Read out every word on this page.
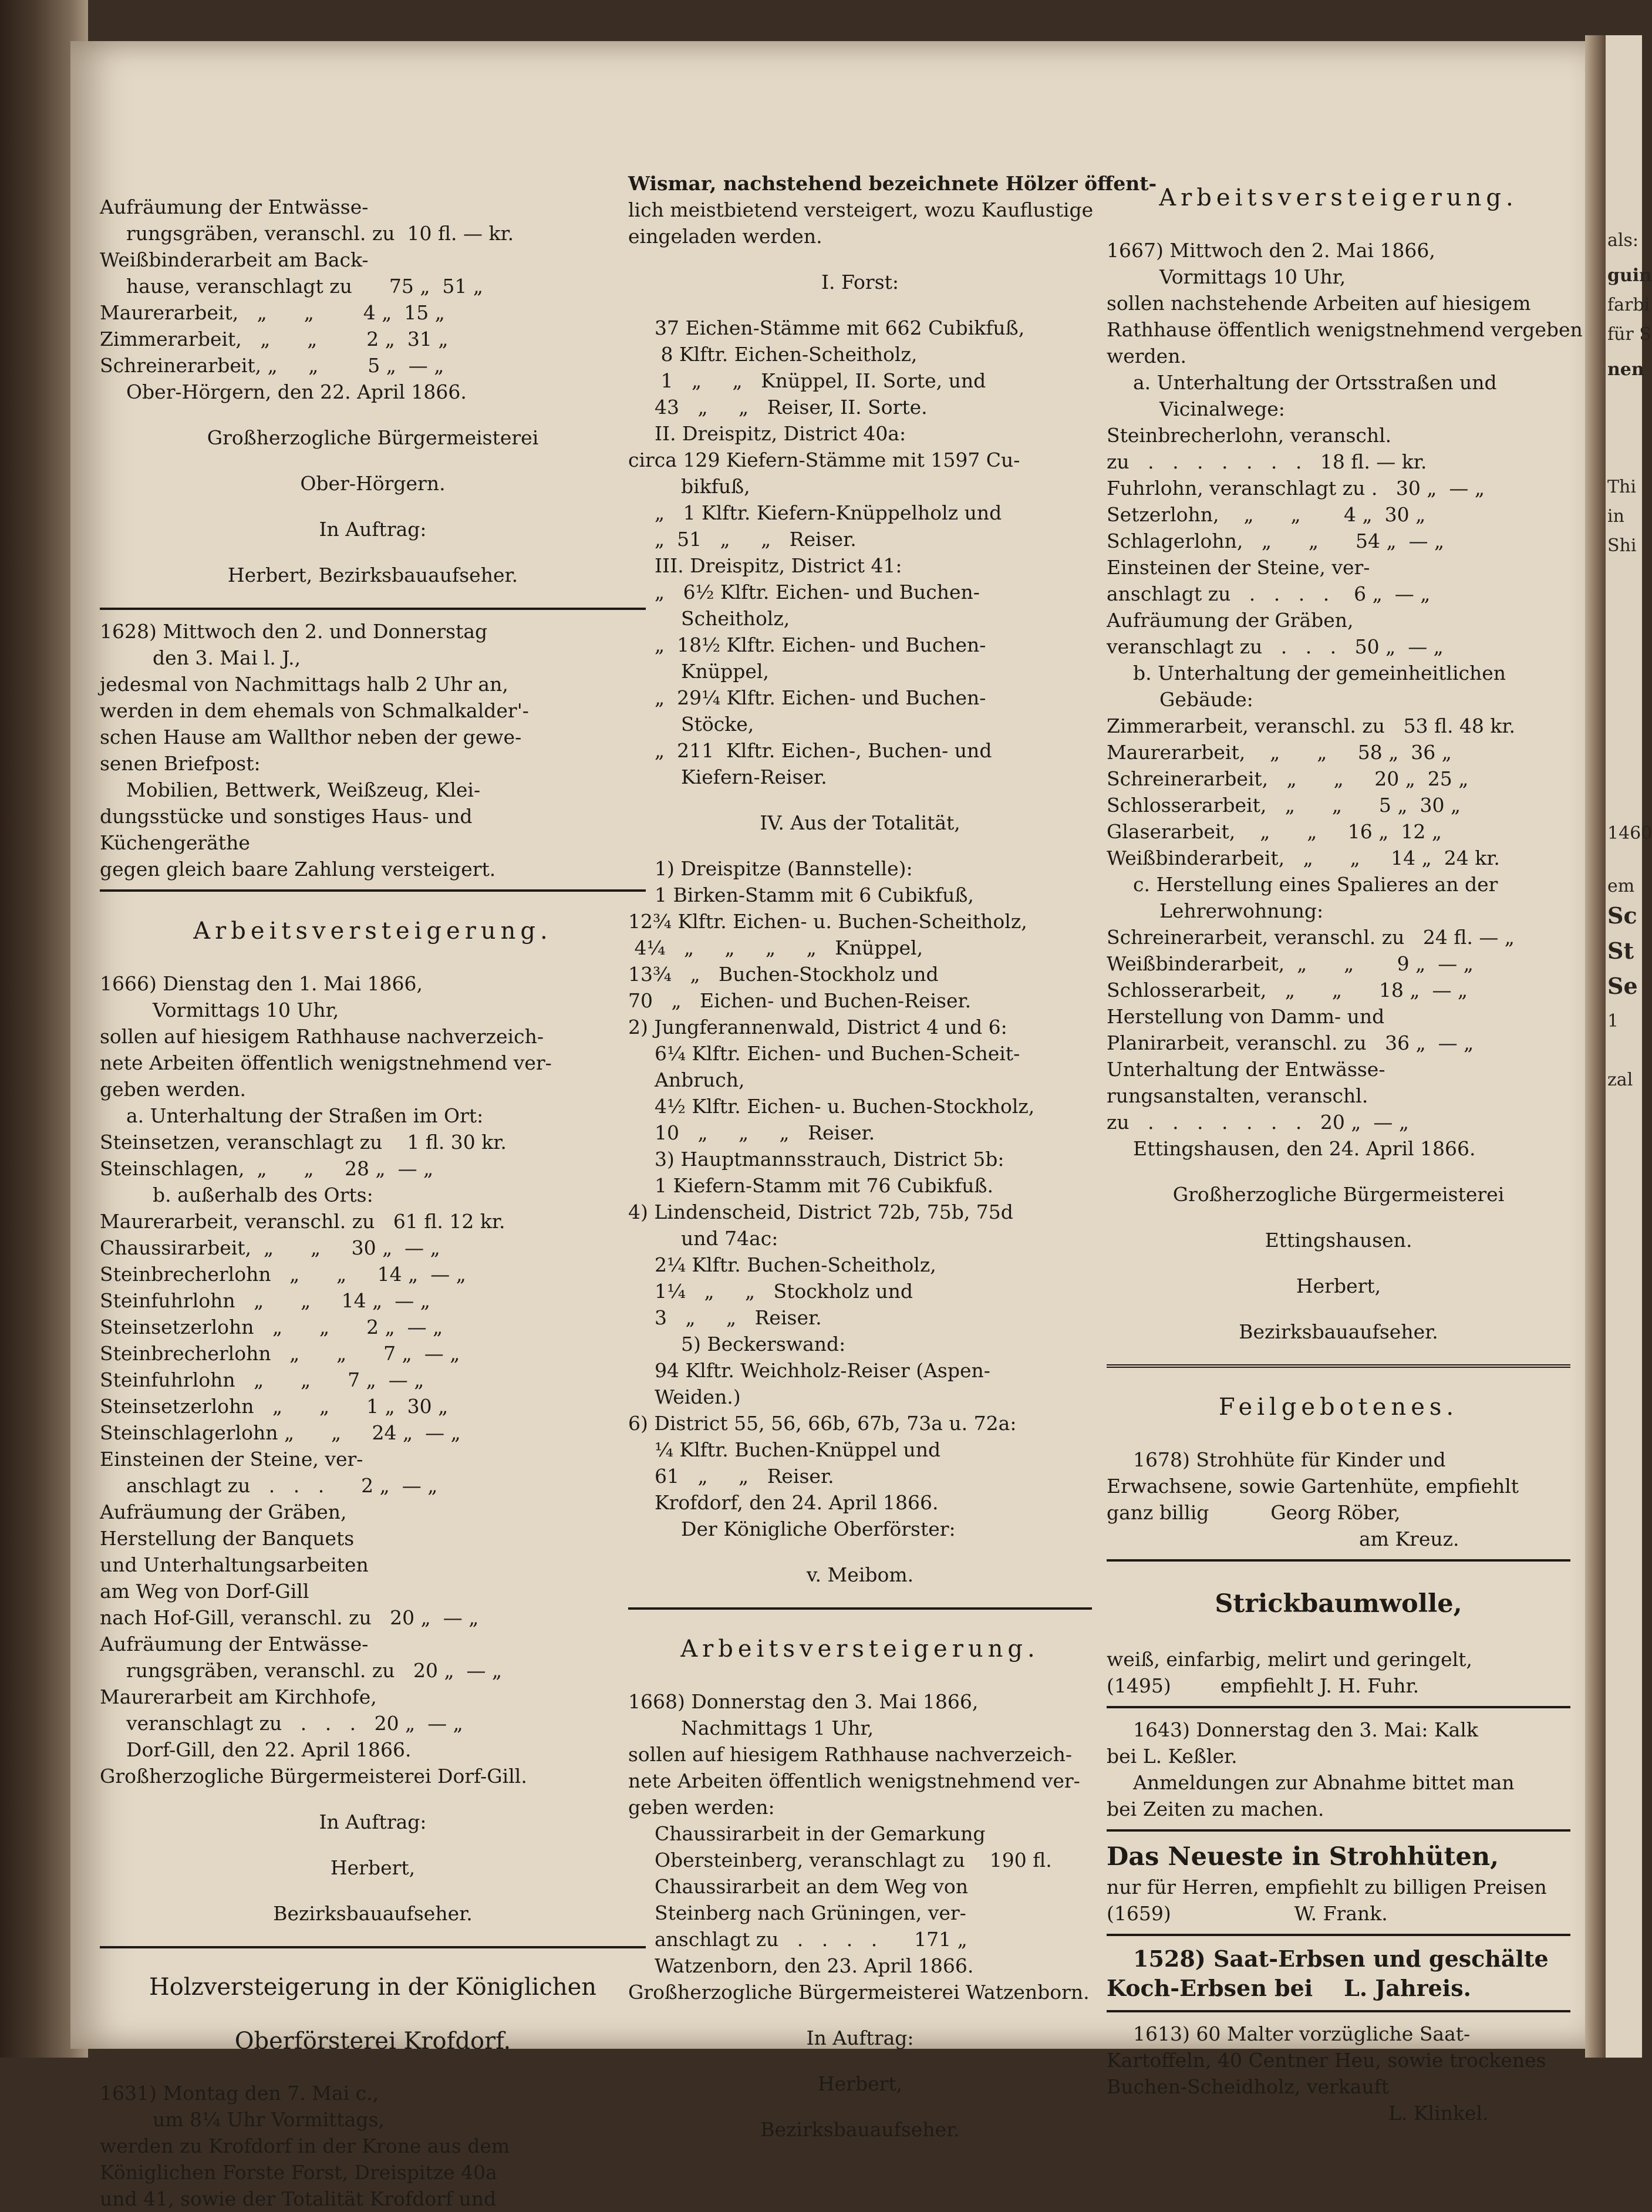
Aufräumung der Entwässe-

rungsgräben, veranschl. zu  10 fl. — kr.

Weißbinderarbeit am Back-

hause, veranschlagt zu      75 „  51 „

Maurerarbeit,   „      „        4 „  15 „

Zimmerarbeit,   „      „        2 „  31 „

Schreinerarbeit, „     „        5 „  — „

Ober-Hörgern, den 22. April 1866.

Großherzogliche Bürgermeisterei

Ober-Hörgern.

In Auftrag:

Herbert, Bezirksbauaufseher.

1628) Mittwoch den 2. und Donnerstag

den 3. Mai l. J.,

jedesmal von Nachmittags halb 2 Uhr an,

werden in dem ehemals von Schmalkalder'-

schen Hause am Wallthor neben der gewe-

senen Briefpost:

Mobilien, Bettwerk, Weißzeug, Klei-

dungsstücke und sonstiges Haus- und

Küchengeräthe

gegen gleich baare Zahlung versteigert.

Arbeitsversteigerung.

1666) Dienstag den 1. Mai 1866,

Vormittags 10 Uhr,

sollen auf hiesigem Rathhause nachverzeich-

nete Arbeiten öffentlich wenigstnehmend ver-

geben werden.

a. Unterhaltung der Straßen im Ort:

Steinsetzen, veranschlagt zu    1 fl. 30 kr.

Steinschlagen,  „      „     28 „  — „

b. außerhalb des Orts:

Maurerarbeit, veranschl. zu   61 fl. 12 kr.

Chaussirarbeit,  „      „     30 „  — „

Steinbrecherlohn   „      „     14 „  — „

Steinfuhrlohn   „      „     14 „  — „

Steinsetzerlohn   „      „      2 „  — „

Steinbrecherlohn   „      „      7 „  — „

Steinfuhrlohn   „      „      7 „  — „

Steinsetzerlohn   „      „      1 „  30 „

Steinschlagerlohn „      „     24 „  — „

Einsteinen der Steine, ver-

anschlagt zu   .   .   .      2 „  — „

Aufräumung der Gräben,

Herstellung der Banquets

und Unterhaltungsarbeiten

am Weg von Dorf-Gill

nach Hof-Gill, veranschl. zu   20 „  — „

Aufräumung der Entwässe-

rungsgräben, veranschl. zu   20 „  — „

Maurerarbeit am Kirchhofe,

veranschlagt zu   .   .   .   20 „  — „

Dorf-Gill, den 22. April 1866.

Großherzogliche Bürgermeisterei Dorf-Gill.

In Auftrag:

Herbert,

Bezirksbauaufseher.

Holzversteigerung in der Königlichen

Oberförsterei Krofdorf.

1631) Montag den 7. Mai c.,

um 8¼ Uhr Vormittags,

werden zu Krofdorf in der Krone aus dem

Königlichen Forste Forst, Dreispitze 40a

und 41, sowie der Totalität Krofdorf und

Wismar, nachstehend bezeichnete Hölzer öffent-

lich meistbietend versteigert, wozu Kauflustige

eingeladen werden.

I. Forst:

37 Eichen-Stämme mit 662 Cubikfuß,

8 Klftr. Eichen-Scheitholz,

1   „     „   Knüppel, II. Sorte, und

43   „     „   Reiser, II. Sorte.

II. Dreispitz, District 40a:

circa 129 Kiefern-Stämme mit 1597 Cu-

bikfuß,

„   1 Klftr. Kiefern-Knüppelholz und

„  51   „     „   Reiser.

III. Dreispitz, District 41:

„   6½ Klftr. Eichen- und Buchen-

Scheitholz,

„  18½ Klftr. Eichen- und Buchen-

Knüppel,

„  29¼ Klftr. Eichen- und Buchen-

Stöcke,

„  211  Klftr. Eichen-, Buchen- und

Kiefern-Reiser.

IV. Aus der Totalität,

1) Dreispitze (Bannstelle):

1 Birken-Stamm mit 6 Cubikfuß,

12¾ Klftr. Eichen- u. Buchen-Scheitholz,

4¼   „     „     „     „   Knüppel,

13¾   „   Buchen-Stockholz und

70   „   Eichen- und Buchen-Reiser.

2) Jungferannenwald, District 4 und 6:

6¼ Klftr. Eichen- und Buchen-Scheit-

Anbruch,

4½ Klftr. Eichen- u. Buchen-Stockholz,

10   „     „     „   Reiser.

3) Hauptmannsstrauch, District 5b:

1 Kiefern-Stamm mit 76 Cubikfuß.

4) Lindenscheid, District 72b, 75b, 75d

und 74ac:

2¼ Klftr. Buchen-Scheitholz,

1¼   „     „   Stockholz und

3   „     „   Reiser.

5) Beckerswand:

94 Klftr. Weichholz-Reiser (Aspen-

Weiden.)

6) District 55, 56, 66b, 67b, 73a u. 72a:

¼ Klftr. Buchen-Knüppel und

61   „     „   Reiser.

Krofdorf, den 24. April 1866.

Der Königliche Oberförster:

v. Meibom.

Arbeitsversteigerung.

1668) Donnerstag den 3. Mai 1866,

Nachmittags 1 Uhr,

sollen auf hiesigem Rathhause nachverzeich-

nete Arbeiten öffentlich wenigstnehmend ver-

geben werden:

Chaussirarbeit in der Gemarkung

Obersteinberg, veranschlagt zu    190 fl.

Chaussirarbeit an dem Weg von

Steinberg nach Grüningen, ver-

anschlagt zu   .   .   .   .      171 „

Watzenborn, den 23. April 1866.

Großherzogliche Bürgermeisterei Watzenborn.

In Auftrag:

Herbert,

Bezirksbauaufseher.

Arbeitsversteigerung.

1667) Mittwoch den 2. Mai 1866,

Vormittags 10 Uhr,

sollen nachstehende Arbeiten auf hiesigem

Rathhause öffentlich wenigstnehmend vergeben

werden.

a. Unterhaltung der Ortsstraßen und

Vicinalwege:

Steinbrecherlohn, veranschl.

zu   .   .   .   .   .   .   .   18 fl. — kr.

Fuhrlohn, veranschlagt zu .   30 „  — „

Setzerlohn,    „      „       4 „  30 „

Schlagerlohn,   „      „      54 „  — „

Einsteinen der Steine, ver-

anschlagt zu   .   .   .   .    6 „  — „

Aufräumung der Gräben,

veranschlagt zu   .   .   .   50 „  — „

b. Unterhaltung der gemeinheitlichen

Gebäude:

Zimmerarbeit, veranschl. zu   53 fl. 48 kr.

Maurerarbeit,    „      „     58 „  36 „

Schreinerarbeit,   „      „     20 „  25 „

Schlosserarbeit,   „      „      5 „  30 „

Glaserarbeit,    „      „     16 „  12 „

Weißbinderarbeit,   „      „     14 „  24 kr.

c. Herstellung eines Spalieres an der

Lehrerwohnung:

Schreinerarbeit, veranschl. zu   24 fl. — „

Weißbinderarbeit,  „      „       9 „  — „

Schlosserarbeit,   „      „      18 „  — „

Herstellung von Damm- und

Planirarbeit, veranschl. zu   36 „  — „

Unterhaltung der Entwässe-

rungsanstalten, veranschl.

zu   .   .   .   .   .   .   .   20 „  — „

Ettingshausen, den 24. April 1866.

Großherzogliche Bürgermeisterei

Ettingshausen.

Herbert,

Bezirksbauaufseher.

Feilgebotenes.

1678) Strohhüte für Kinder und

Erwachsene, sowie Gartenhüte, empfiehlt

ganz billig          Georg Röber,

am Kreuz.

Strickbaumwolle,

weiß, einfarbig, melirt und geringelt,

(1495)        empfiehlt J. H. Fuhr.

1643) Donnerstag den 3. Mai: Kalk

bei L. Keßler.

Anmeldungen zur Abnahme bittet man

bei Zeiten zu machen.

Das Neueste in Strohhüten,

nur für Herren, empfiehlt zu billigen Preisen

(1659)                    W. Frank.

1528) Saat-Erbsen und geschälte

Koch-Erbsen bei    L. Jahreis.

1613) 60 Malter vorzügliche Saat-

Kartoffeln, 40 Centner Heu, sowie trockenes

Buchen-Scheidholz, verkauft

L. Klinkel.

als:
guin
farbi
für S
nen
Thi
in
Shi
1460
em
Sc
St
Se
1
zal
